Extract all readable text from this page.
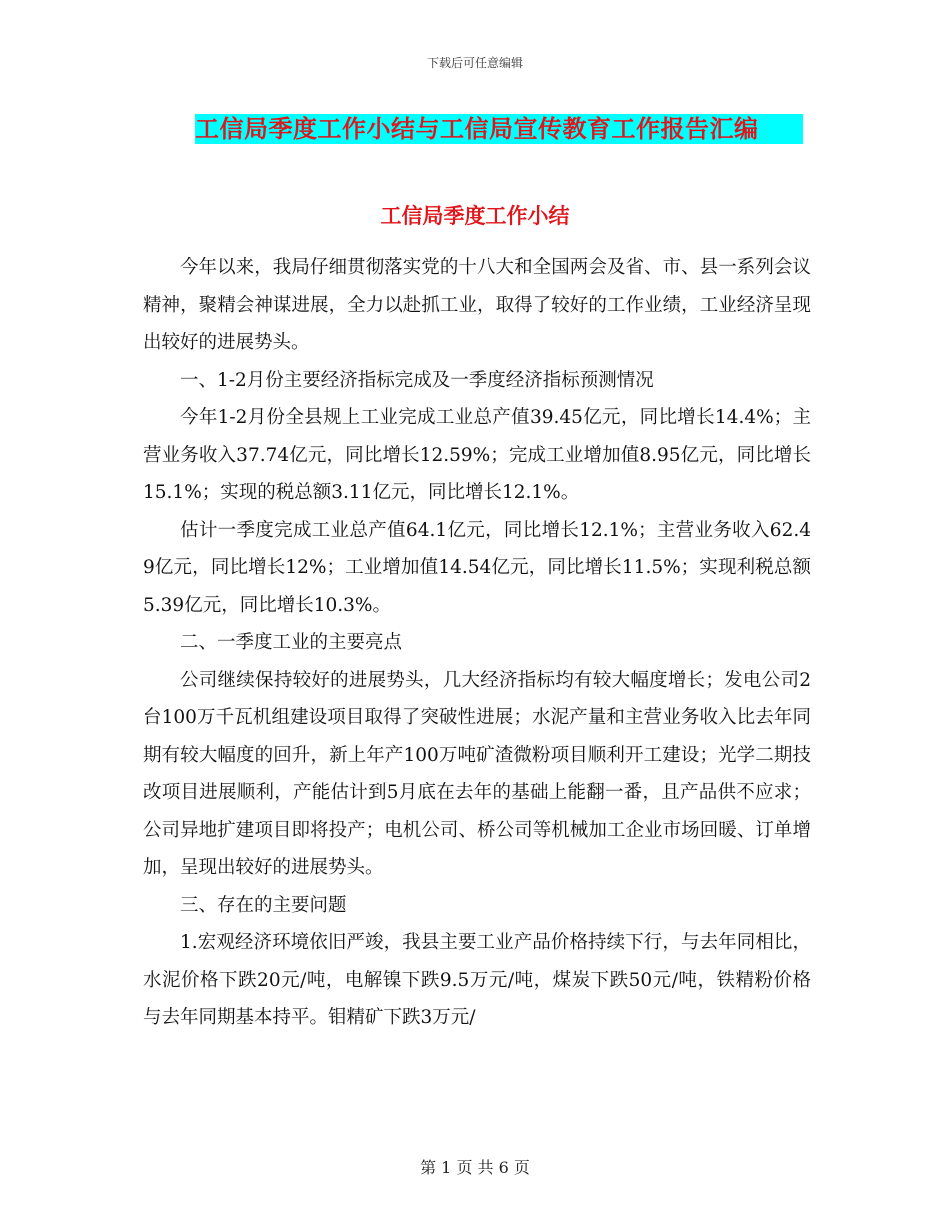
下载后可任意编辑
工信局季度工作小结与工信局宣传教育工作报告汇编
工信局季度工作小结

今年以来，我局仔细贯彻落实党的十八大和全国两会及省、市、县一系列会议精神，聚精会神谋进展，全力以赴抓工业，取得了较好的工作业绩，工业经济呈现出较好的进展势头。

一、1-2月份主要经济指标完成及一季度经济指标预测情况

今年1-2月份全县规上工业完成工业总产值39.45亿元，同比增长14.4%；主营业务收入37.74亿元，同比增长12.59%；完成工业增加值8.95亿元，同比增长15.1%；实现的税总额3.11亿元，同比增长12.1%。

估计一季度完成工业总产值64.1亿元，同比增长12.1%；主营业务收入62.49亿元，同比增长12%；工业增加值14.54亿元，同比增长11.5%；实现利税总额5.39亿元，同比增长10.3%。

二、一季度工业的主要亮点

公司继续保持较好的进展势头，几大经济指标均有较大幅度增长；发电公司2台100万千瓦机组建设项目取得了突破性进展；水泥产量和主营业务收入比去年同期有较大幅度的回升，新上年产100万吨矿渣微粉项目顺利开工建设；光学二期技改项目进展顺利，产能估计到5月底在去年的基础上能翻一番，且产品供不应求；公司异地扩建项目即将投产；电机公司、桥公司等机械加工企业市场回暖、订单增加，呈现出较好的进展势头。

三、存在的主要问题

1.宏观经济环境依旧严竣，我县主要工业产品价格持续下行，与去年同相比，水泥价格下跌20元/吨，电解镍下跌9.5万元/吨，煤炭下跌50元/吨，铁精粉价格与去年同期基本持平。钼精矿下跌3万元/

第 1 页 共 6 页
